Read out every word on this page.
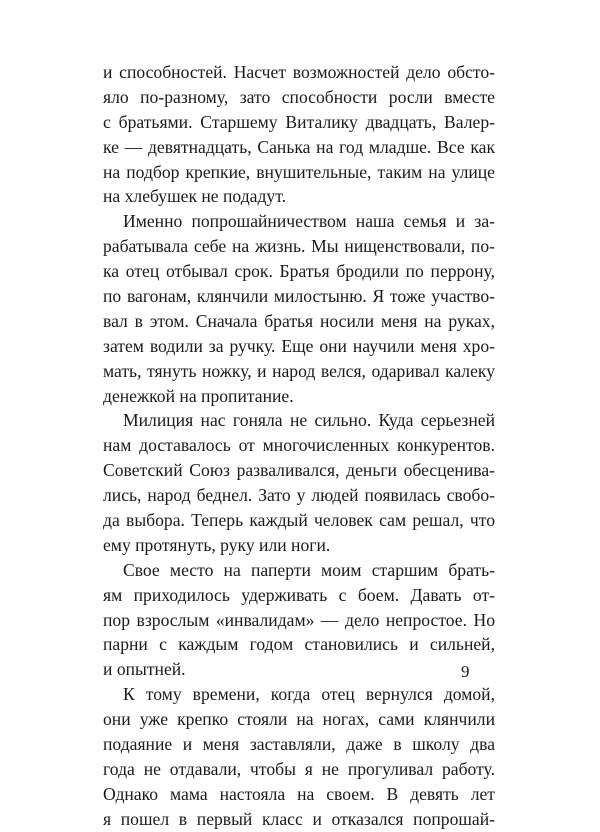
и способностей. Насчет возможностей дело обсто-
яло по-разному, зато способности росли вместе
с братьями. Старшему Виталику двадцать, Валер-
ке — девятнадцать, Санька на год младше. Все как
на подбор крепкие, внушительные, таким на улице
на хлебушек не подадут.
Именно попрошайничеством наша семья и за-
рабатывала себе на жизнь. Мы нищенствовали, по-
ка отец отбывал срок. Братья бродили по перрону,
по вагонам, клянчили милостыню. Я тоже участво-
вал в этом. Сначала братья носили меня на руках,
затем водили за ручку. Еще они научили меня хро-
мать, тянуть ножку, и народ велся, одаривал калеку
денежкой на пропитание.
Милиция нас гоняла не сильно. Куда серьезней
нам доставалось от многочисленных конкурентов.
Советский Союз разваливался, деньги обесценива-
лись, народ беднел. Зато у людей появилась свобо-
да выбора. Теперь каждый человек сам решал, что
ему протянуть, руку или ноги.
Свое место на паперти моим старшим брать-
ям приходилось удерживать с боем. Давать от-
пор взрослым «инвалидам» — дело непростое. Но
парни с каждым годом становились и сильней,
и опытней.
К тому времени, когда отец вернулся домой,
они уже крепко стояли на ногах, сами клянчили
подаяние и меня заставляли, даже в школу два
года не отдавали, чтобы я не прогуливал работу.
Однако мама настояла на своем. В девять лет
я пошел в первый класс и отказался попрошай-
9
